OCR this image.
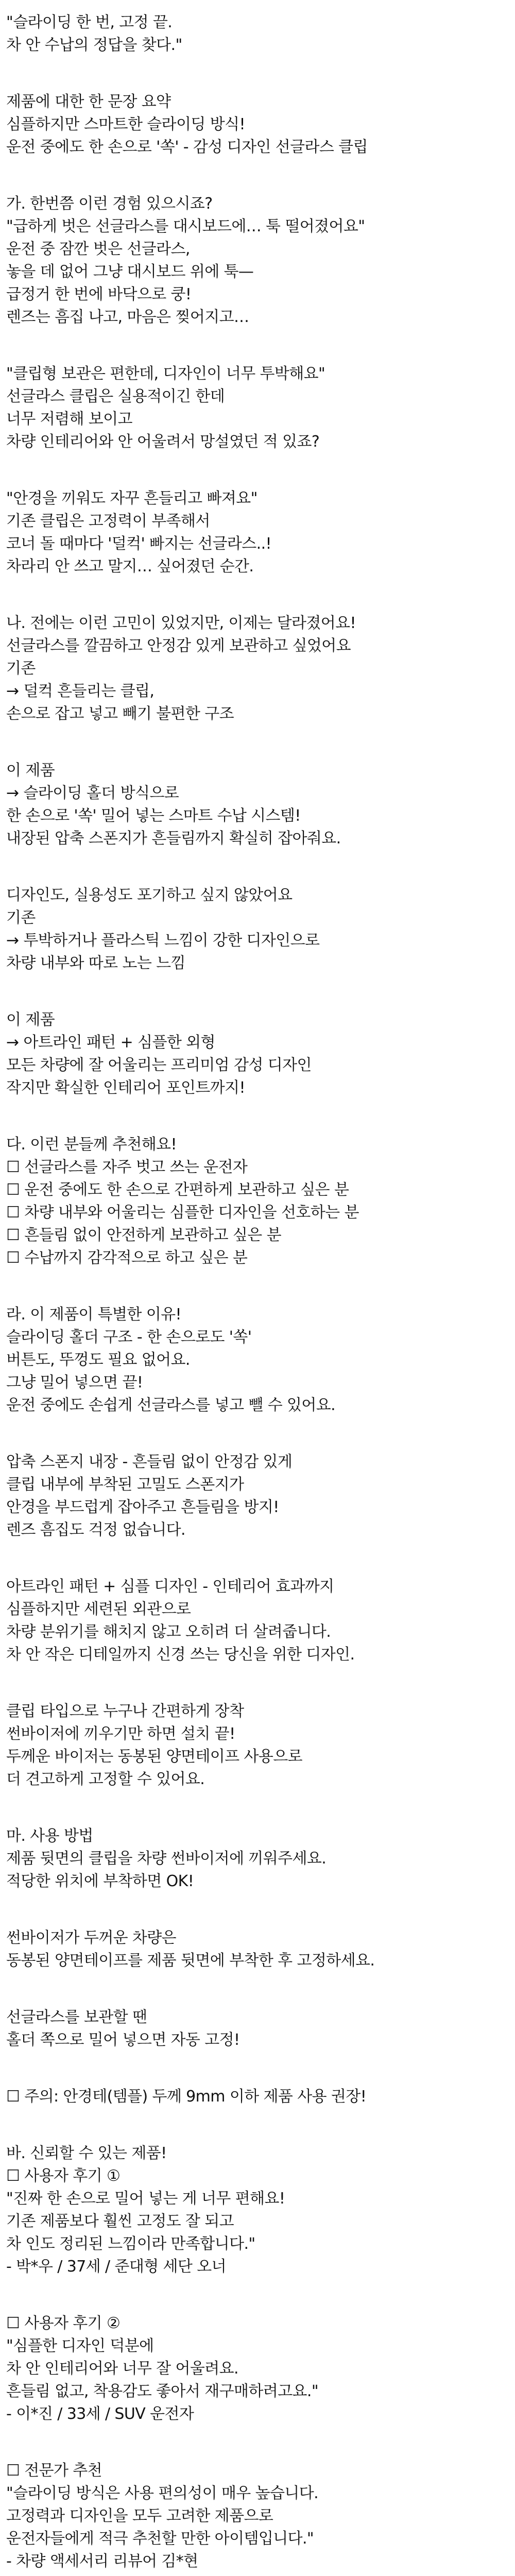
"슬라이딩 한 번, 고정 끝.
차 안 수납의 정답을 찾다."
제품에 대한 한 문장 요약
심플하지만 스마트한 슬라이딩 방식!
운전 중에도 한 손으로 '쏙' - 감성 디자인 선글라스 클립
가. 한번쯤 이런 경험 있으시죠?
"급하게 벗은 선글라스를 대시보드에… 툭 떨어졌어요"
운전 중 잠깐 벗은 선글라스,
놓을 데 없어 그냥 대시보드 위에 툭—
급정거 한 번에 바닥으로 쿵!
렌즈는 흠집 나고, 마음은 찢어지고…
"클립형 보관은 편한데, 디자인이 너무 투박해요"
선글라스 클립은 실용적이긴 한데
너무 저렴해 보이고
차량 인테리어와 안 어울려서 망설였던 적 있죠?
"안경을 끼워도 자꾸 흔들리고 빠져요"
기존 클립은 고정력이 부족해서
코너 돌 때마다 '덜컥' 빠지는 선글라스..!
차라리 안 쓰고 말지… 싶어졌던 순간.
나. 전에는 이런 고민이 있었지만, 이제는 달라졌어요!
선글라스를 깔끔하고 안정감 있게 보관하고 싶었어요
기존
→ 덜컥 흔들리는 클립,
손으로 잡고 넣고 빼기 불편한 구조
이 제품
→ 슬라이딩 홀더 방식으로
한 손으로 '쏙' 밀어 넣는 스마트 수납 시스템!
내장된 압축 스폰지가 흔들림까지 확실히 잡아줘요.
디자인도, 실용성도 포기하고 싶지 않았어요
기존
→ 투박하거나 플라스틱 느낌이 강한 디자인으로
차량 내부와 따로 노는 느낌
이 제품
→ 아트라인 패턴 + 심플한 외형
모든 차량에 잘 어울리는 프리미엄 감성 디자인
작지만 확실한 인테리어 포인트까지!
다. 이런 분들께 추천해요!
☐ 선글라스를 자주 벗고 쓰는 운전자
☐ 운전 중에도 한 손으로 간편하게 보관하고 싶은 분
☐ 차량 내부와 어울리는 심플한 디자인을 선호하는 분
☐ 흔들림 없이 안전하게 보관하고 싶은 분
☐ 수납까지 감각적으로 하고 싶은 분
라. 이 제품이 특별한 이유!
슬라이딩 홀더 구조 - 한 손으로도 '쏙'
버튼도, 뚜껑도 필요 없어요.
그냥 밀어 넣으면 끝!
운전 중에도 손쉽게 선글라스를 넣고 뺄 수 있어요.
압축 스폰지 내장 - 흔들림 없이 안정감 있게
클립 내부에 부착된 고밀도 스폰지가
안경을 부드럽게 잡아주고 흔들림을 방지!
렌즈 흠집도 걱정 없습니다.
아트라인 패턴 + 심플 디자인 - 인테리어 효과까지
심플하지만 세련된 외관으로
차량 분위기를 해치지 않고 오히려 더 살려줍니다.
차 안 작은 디테일까지 신경 쓰는 당신을 위한 디자인.
클립 타입으로 누구나 간편하게 장착
썬바이저에 끼우기만 하면 설치 끝!
두께운 바이저는 동봉된 양면테이프 사용으로
더 견고하게 고정할 수 있어요.
마. 사용 방법
제품 뒷면의 클립을 차량 썬바이저에 끼워주세요.
적당한 위치에 부착하면 OK!
썬바이저가 두꺼운 차량은
동봉된 양면테이프를 제품 뒷면에 부착한 후 고정하세요.
선글라스를 보관할 땐
홀더 쪽으로 밀어 넣으면 자동 고정!
☐ 주의: 안경테(템플) 두께 9mm 이하 제품 사용 권장!
바. 신뢰할 수 있는 제품!
☐ 사용자 후기 ①
"진짜 한 손으로 밀어 넣는 게 너무 편해요!
기존 제품보다 훨씬 고정도 잘 되고
차 인도 정리된 느낌이라 만족합니다."
- 박*우 / 37세 / 준대형 세단 오너
☐ 사용자 후기 ②
"심플한 디자인 덕분에
차 안 인테리어와 너무 잘 어울려요.
흔들림 없고, 착용감도 좋아서 재구매하려고요."
- 이*진 / 33세 / SUV 운전자
☐ 전문가 추천
"슬라이딩 방식은 사용 편의성이 매우 높습니다.
고정력과 디자인을 모두 고려한 제품으로
운전자들에게 적극 추천할 만한 아이템입니다."
- 차량 액세서리 리뷰어 김*현
